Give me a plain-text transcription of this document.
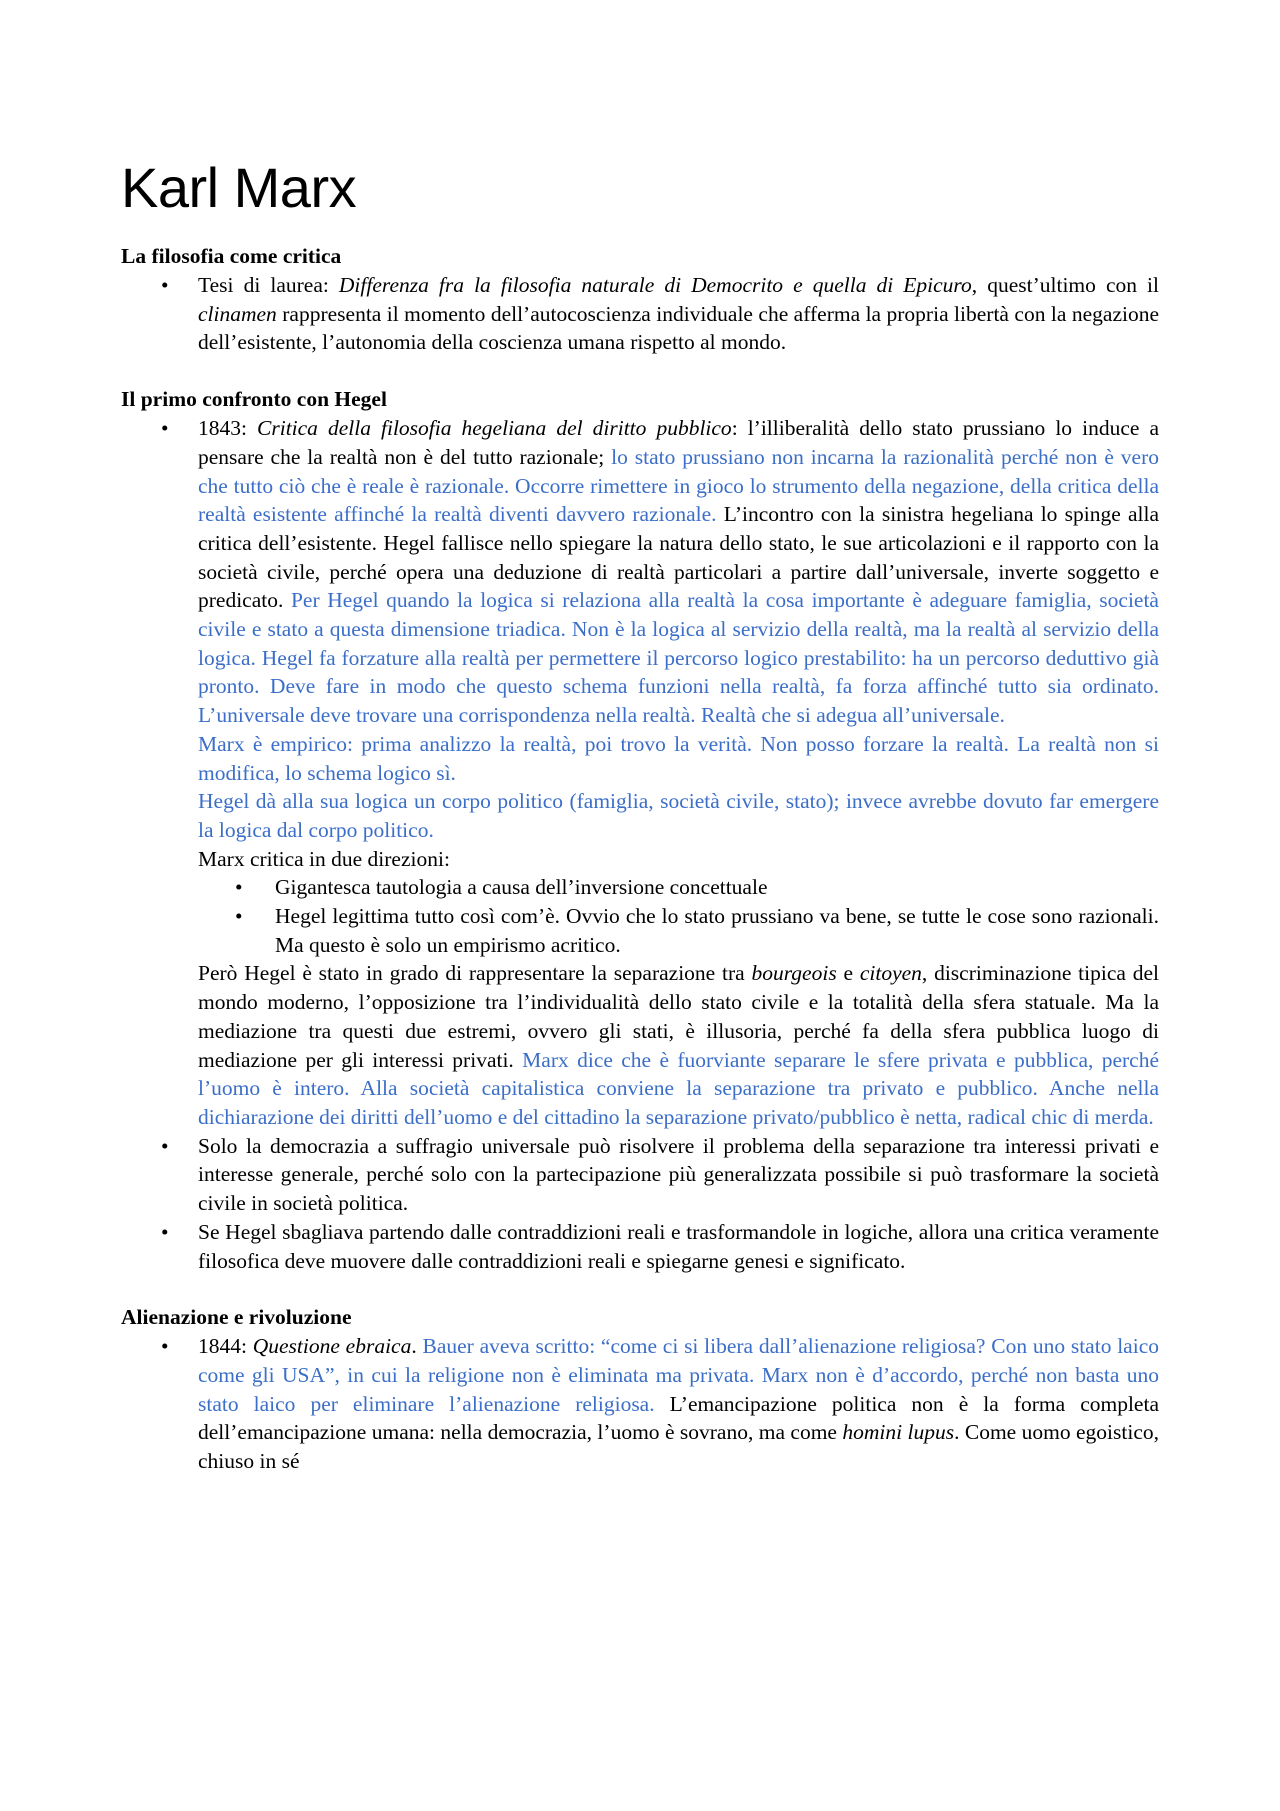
Karl Marx
La filosofia come critica
• Tesi di laurea: Differenza fra la filosofia naturale di Democrito e quella di Epicuro, quest’ultimo con il clinamen rappresenta il momento dell’autocoscienza individuale che afferma la propria libertà con la negazione dell’esistente, l’autonomia della coscienza umana rispetto al mondo.
Il primo confronto con Hegel

• 1843: Critica della filosofia hegeliana del diritto pubblico: l’illiberalità dello stato prussiano lo induce a pensare che la realtà non è del tutto razionale; lo stato prussiano non incarna la razionalità perché non è vero che tutto ciò che è reale è razionale. Occorre rimettere in gioco lo strumento della negazione, della critica della realtà esistente affinché la realtà diventi davvero razionale. L’incontro con la sinistra hegeliana lo spinge alla critica dell’esistente. Hegel fallisce nello spiegare la natura dello stato, le sue articolazioni e il rapporto con la società civile, perché opera una deduzione di realtà particolari a partire dall’universale, inverte soggetto e predicato. Per Hegel quando la logica si relaziona alla realtà la cosa importante è adeguare famiglia, società civile e stato a questa dimensione triadica. Non è la logica al servizio della realtà, ma la realtà al servizio della logica. Hegel fa forzature alla realtà per permettere il percorso logico prestabilito: ha un percorso deduttivo già pronto. Deve fare in modo che questo schema funzioni nella realtà, fa forza affinché tutto sia ordinato. L’universale deve trovare una corrispondenza nella realtà. Realtà che si adegua all’universale.

Marx è empirico: prima analizzo la realtà, poi trovo la verità. Non posso forzare la realtà. La realtà non si modifica, lo schema logico sì.

Hegel dà alla sua logica un corpo politico (famiglia, società civile, stato); invece avrebbe dovuto far emergere la logica dal corpo politico.

Marx critica in due direzioni:

• Gigantesca tautologia a causa dell’inversione concettuale
• Hegel legittima tutto così com’è. Ovvio che lo stato prussiano va bene, se tutte le cose sono razionali. Ma questo è solo un empirismo acritico.

Però Hegel è stato in grado di rappresentare la separazione tra bourgeois e citoyen, discriminazione tipica del mondo moderno, l’opposizione tra l’individualità dello stato civile e la totalità della sfera statuale. Ma la mediazione tra questi due estremi, ovvero gli stati, è illusoria, perché fa della sfera pubblica luogo di mediazione per gli interessi privati. Marx dice che è fuorviante separare le sfere privata e pubblica, perché l’uomo è intero. Alla società capitalistica conviene la separazione tra privato e pubblico. Anche nella dichiarazione dei diritti dell’uomo e del cittadino la separazione privato/pubblico è netta, radical chic di merda.

• Solo la democrazia a suffragio universale può risolvere il problema della separazione tra interessi privati e interesse generale, perché solo con la partecipazione più generalizzata possibile si può trasformare la società civile in società politica.
• Se Hegel sbagliava partendo dalle contraddizioni reali e trasformandole in logiche, allora una critica veramente filosofica deve muovere dalle contraddizioni reali e spiegarne genesi e significato.
Alienazione e rivoluzione
• 1844: Questione ebraica. Bauer aveva scritto: “come ci si libera dall’alienazione religiosa? Con uno stato laico come gli USA”, in cui la religione non è eliminata ma privata. Marx non è d’accordo, perché non basta uno stato laico per eliminare l’alienazione religiosa. L’emancipazione politica non è la forma completa dell’emancipazione umana: nella democrazia, l’uomo è sovrano, ma come homini lupus. Come uomo egoistico, chiuso in sé
